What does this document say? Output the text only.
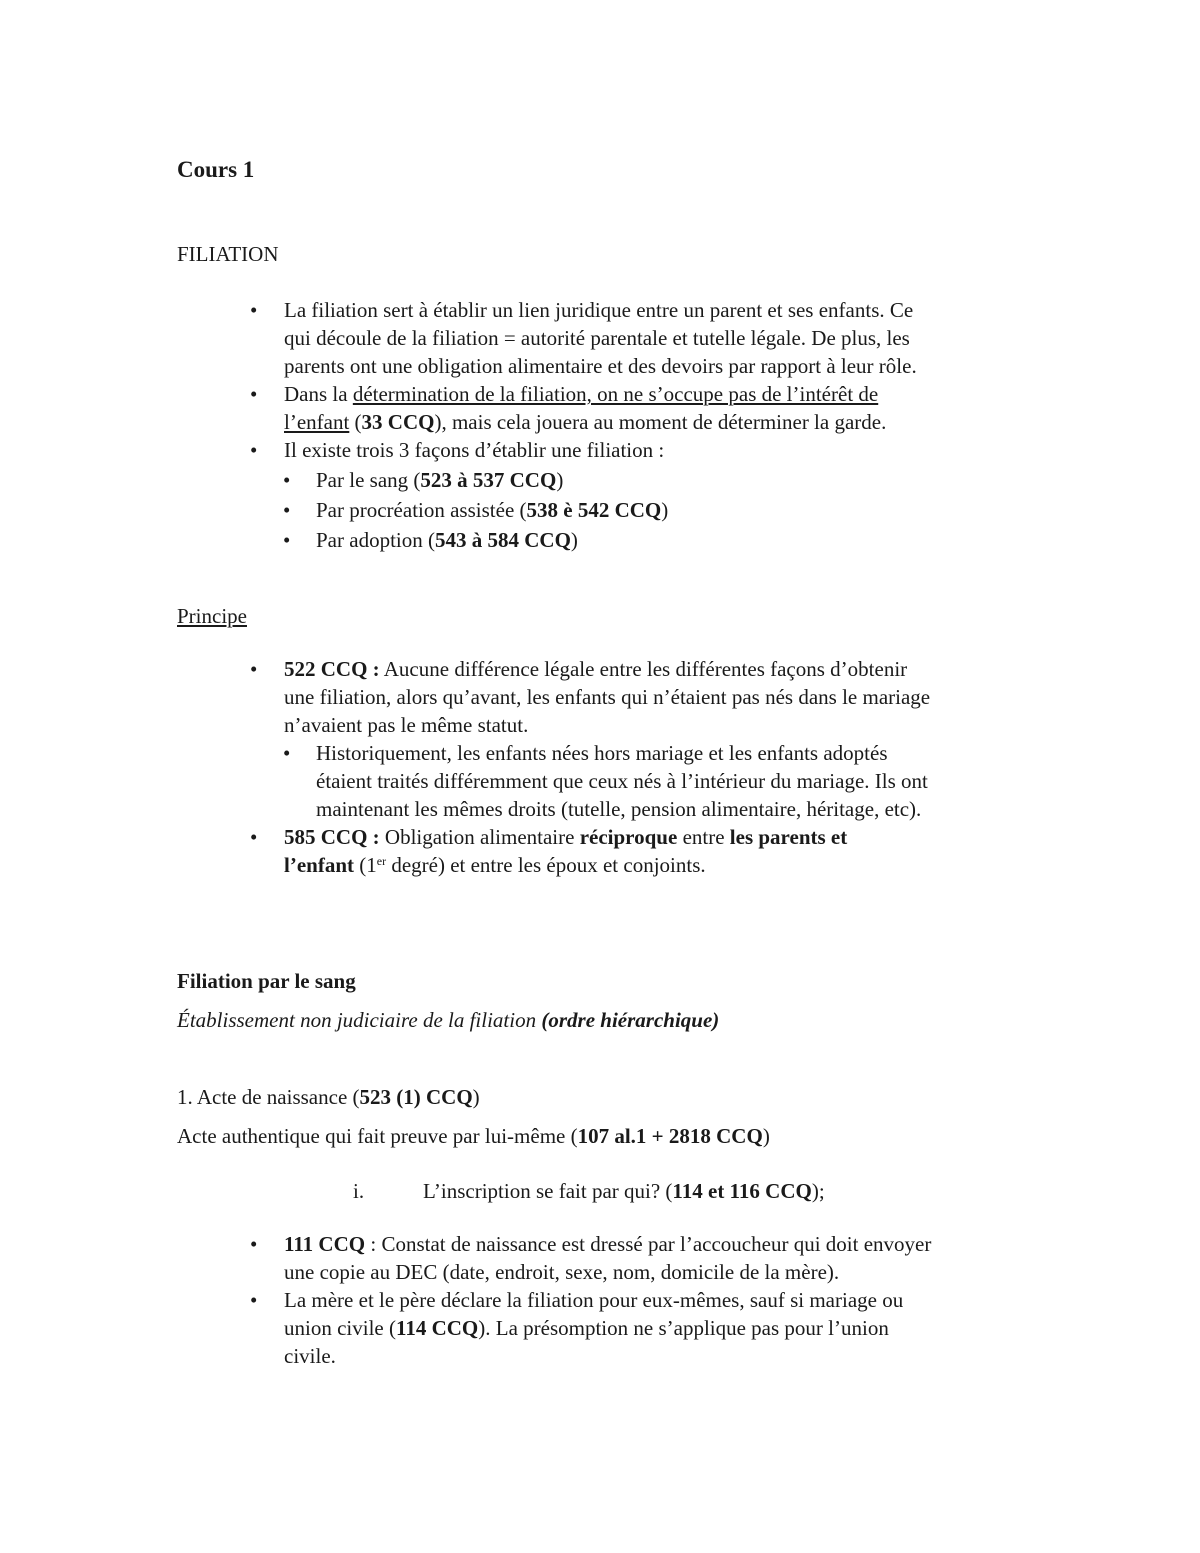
Cours 1
FILIATION
• La filiation sert à établir un lien juridique entre un parent et ses enfants. Ce
qui découle de la filiation = autorité parentale et tutelle légale. De plus, les
parents ont une obligation alimentaire et des devoirs par rapport à leur rôle.
• Dans la détermination de la filiation, on ne s’occupe pas de l’intérêt de
l’enfant (33 CCQ), mais cela jouera au moment de déterminer la garde.
• Il existe trois 3 façons d’établir une filiation :
• Par le sang (523 à 537 CCQ)
• Par procréation assistée (538 è 542 CCQ)
• Par adoption (543 à 584 CCQ)
Principe
• 522 CCQ : Aucune différence légale entre les différentes façons d’obtenir
une filiation, alors qu’avant, les enfants qui n’étaient pas nés dans le mariage
n’avaient pas le même statut.
• Historiquement, les enfants nées hors mariage et les enfants adoptés
étaient traités différemment que ceux nés à l’intérieur du mariage. Ils ont
maintenant les mêmes droits (tutelle, pension alimentaire, héritage, etc).
• 585 CCQ : Obligation alimentaire réciproque entre les parents et
l’enfant (1er degré) et entre les époux et conjoints.
Filiation par le sang
Établissement non judiciaire de la filiation (ordre hiérarchique)
1. Acte de naissance (523 (1) CCQ)
Acte authentique qui fait preuve par lui-même (107 al.1 + 2818 CCQ)
i.	L’inscription se fait par qui? (114 et 116 CCQ);
• 111 CCQ : Constat de naissance est dressé par l’accoucheur qui doit envoyer
une copie au DEC (date, endroit, sexe, nom, domicile de la mère).
• La mère et le père déclare la filiation pour eux-mêmes, sauf si mariage ou
union civile (114 CCQ). La présomption ne s’applique pas pour l’union
civile.
